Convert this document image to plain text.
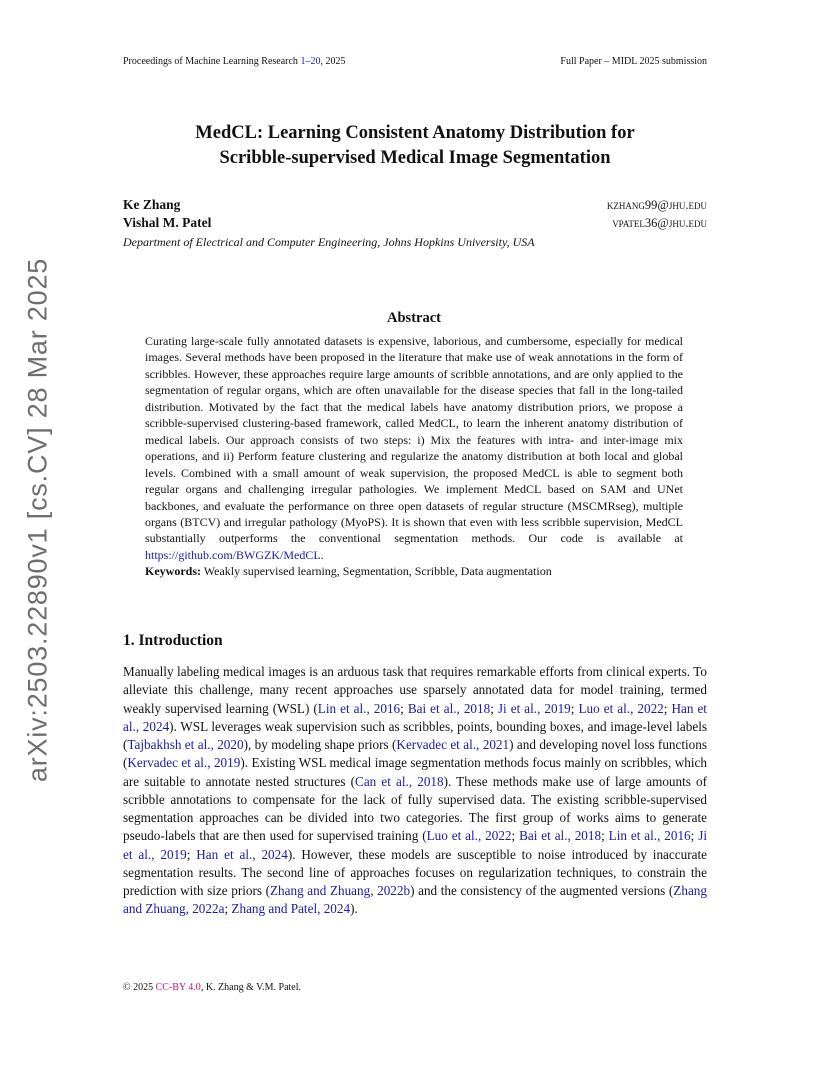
arXiv:2503.22890v1 [cs.CV] 28 Mar 2025
Proceedings of Machine Learning Research 1–20, 2025	Full Paper – MIDL 2025 submission
MedCL: Learning Consistent Anatomy Distribution for
Scribble-supervised Medical Image Segmentation
Ke Zhang	kzhang99@jhu.edu
Vishal M. Patel	vpatel36@jhu.edu
Department of Electrical and Computer Engineering, Johns Hopkins University, USA
Abstract

Curating large-scale fully annotated datasets is expensive, laborious, and cumbersome, especially for medical images. Several methods have been proposed in the literature that make use of weak annotations in the form of scribbles. However, these approaches require large amounts of scribble annotations, and are only applied to the segmentation of regular organs, which are often unavailable for the disease species that fall in the long-tailed distribution. Motivated by the fact that the medical labels have anatomy distribution priors, we propose a scribble-supervised clustering-based framework, called MedCL, to learn the inherent anatomy distribution of medical labels. Our approach consists of two steps: i) Mix the features with intra- and inter-image mix operations, and ii) Perform feature clustering and regularize the anatomy distribution at both local and global levels. Combined with a small amount of weak supervision, the proposed MedCL is able to segment both regular organs and challenging irregular pathologies. We implement MedCL based on SAM and UNet backbones, and evaluate the performance on three open datasets of regular structure (MSCMRseg), multiple organs (BTCV) and irregular pathology (MyoPS). It is shown that even with less scribble supervision, MedCL substantially outperforms the conventional segmentation methods. Our code is available at https://github.com/BWGZK/MedCL.

Keywords: Weakly supervised learning, Segmentation, Scribble, Data augmentation

1. Introduction

Manually labeling medical images is an arduous task that requires remarkable efforts from clinical experts. To alleviate this challenge, many recent approaches use sparsely annotated data for model training, termed weakly supervised learning (WSL) (Lin et al., 2016; Bai et al., 2018; Ji et al., 2019; Luo et al., 2022; Han et al., 2024). WSL leverages weak supervision such as scribbles, points, bounding boxes, and image-level labels (Tajbakhsh et al., 2020), by modeling shape priors (Kervadec et al., 2021) and developing novel loss functions (Kervadec et al., 2019). Existing WSL medical image segmentation methods focus mainly on scribbles, which are suitable to annotate nested structures (Can et al., 2018). These methods make use of large amounts of scribble annotations to compensate for the lack of fully supervised data. The existing scribble-supervised segmentation approaches can be divided into two categories. The first group of works aims to generate pseudo-labels that are then used for supervised training (Luo et al., 2022; Bai et al., 2018; Lin et al., 2016; Ji et al., 2019; Han et al., 2024). However, these models are susceptible to noise introduced by inaccurate segmentation results. The second line of approaches focuses on regularization techniques, to constrain the prediction with size priors (Zhang and Zhuang, 2022b) and the consistency of the augmented versions (Zhang and Zhuang, 2022a; Zhang and Patel, 2024).

© 2025 CC-BY 4.0, K. Zhang & V.M. Patel.
